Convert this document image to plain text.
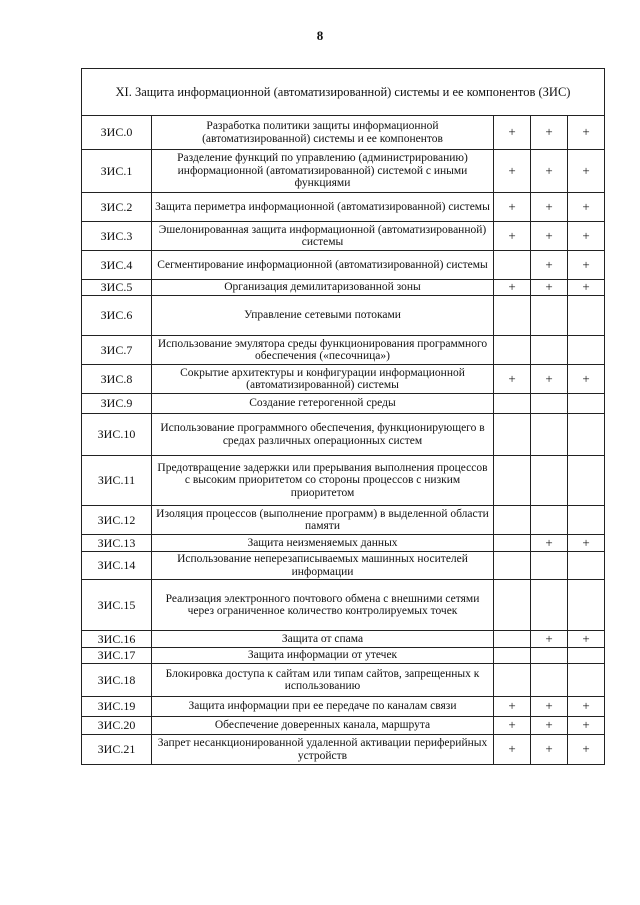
8
XI. Защита информационной (автоматизированной) системы и ее компонентов (ЗИС)				
ЗИС.0	Разработка политики защиты информационной (автоматизированной) системы и ее компонентов	+	+	+
ЗИС.1	Разделение функций по управлению (администрированию) информационной (автоматизированной) системой с иными функциями	+	+	+
ЗИС.2	Защита периметра информационной (автоматизированной) системы	+	+	+
ЗИС.3	Эшелонированная защита информационной (автоматизированной) системы	+	+	+
ЗИС.4	Сегментирование информационной (автоматизированной) системы		+	+
ЗИС.5	Организация демилитаризованной зоны	+	+	+
ЗИС.6	Управление сетевыми потоками			
ЗИС.7	Использование эмулятора среды функционирования программного обеспечения («песочница»)			
ЗИС.8	Сокрытие архитектуры и конфигурации информационной (автоматизированной) системы	+	+	+
ЗИС.9	Создание гетерогенной среды			
ЗИС.10	Использование программного обеспечения, функционирующего в средах различных операционных систем			
ЗИС.11	Предотвращение задержки или прерывания выполнения процессов с высоким приоритетом со стороны процессов с низким приоритетом			
ЗИС.12	Изоляция процессов (выполнение программ) в выделенной области памяти			
ЗИС.13	Защита неизменяемых данных		+	+
ЗИС.14	Использование неперезаписываемых машинных носителей информации			
ЗИС.15	Реализация электронного почтового обмена с внешними сетями через ограниченное количество контролируемых точек			
ЗИС.16	Защита от спама		+	+
ЗИС.17	Защита информации от утечек			
ЗИС.18	Блокировка доступа к сайтам или типам сайтов, запрещенных к использованию			
ЗИС.19	Защита информации при ее передаче по каналам связи	+	+	+
ЗИС.20	Обеспечение доверенных канала, маршрута	+	+	+
ЗИС.21	Запрет несанкционированной удаленной активации периферийных устройств	+	+	+
